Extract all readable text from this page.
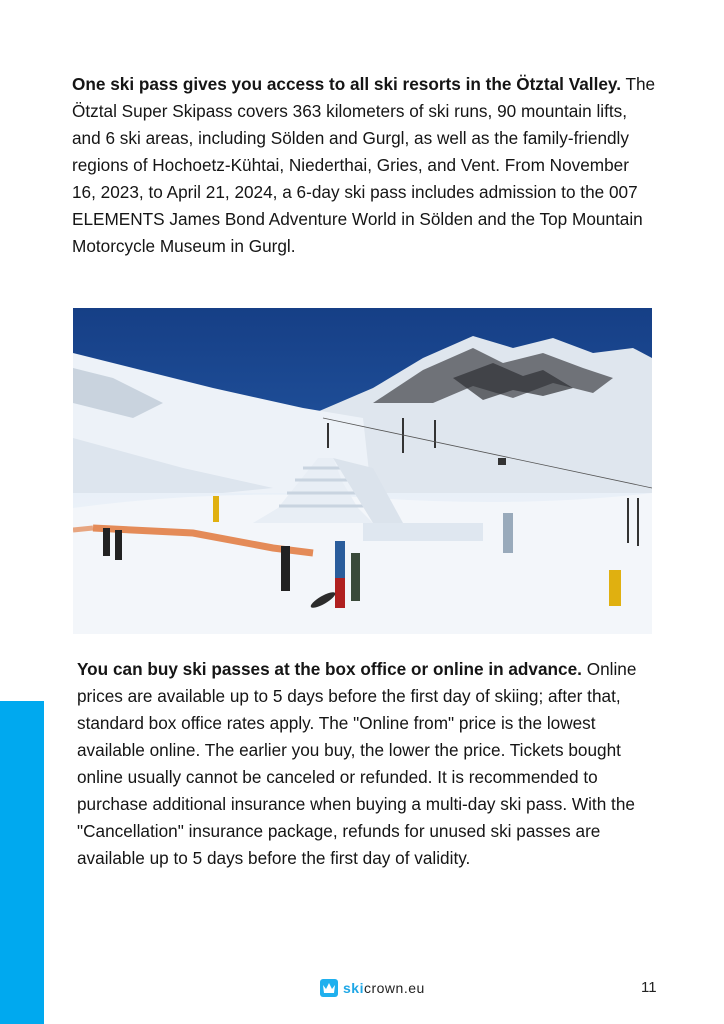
One ski pass gives you access to all ski resorts in the Ötztal Valley. The Ötztal Super Skipass covers 363 kilometers of ski runs, 90 mountain lifts, and 6 ski areas, including Sölden and Gurgl, as well as the family-friendly regions of Hochoetz-Kühtai, Niederthai, Gries, and Vent. From November 16, 2023, to April 21, 2024, a 6-day ski pass includes admission to the 007 ELEMENTS James Bond Adventure World in Sölden and the Top Mountain Motorcycle Museum in Gurgl.

You can buy ski passes at the box office or online in advance. Online prices are available up to 5 days before the first day of skiing; after that, standard box office rates apply. The "Online from" price is the lowest available online. The earlier you buy, the lower the price. Tickets bought online usually cannot be canceled or refunded. It is recommended to purchase additional insurance when buying a multi-day ski pass. With the "Cancellation" insurance package, refunds for unused ski passes are available up to 5 days before the first day of validity.

skicrown.eu	11
